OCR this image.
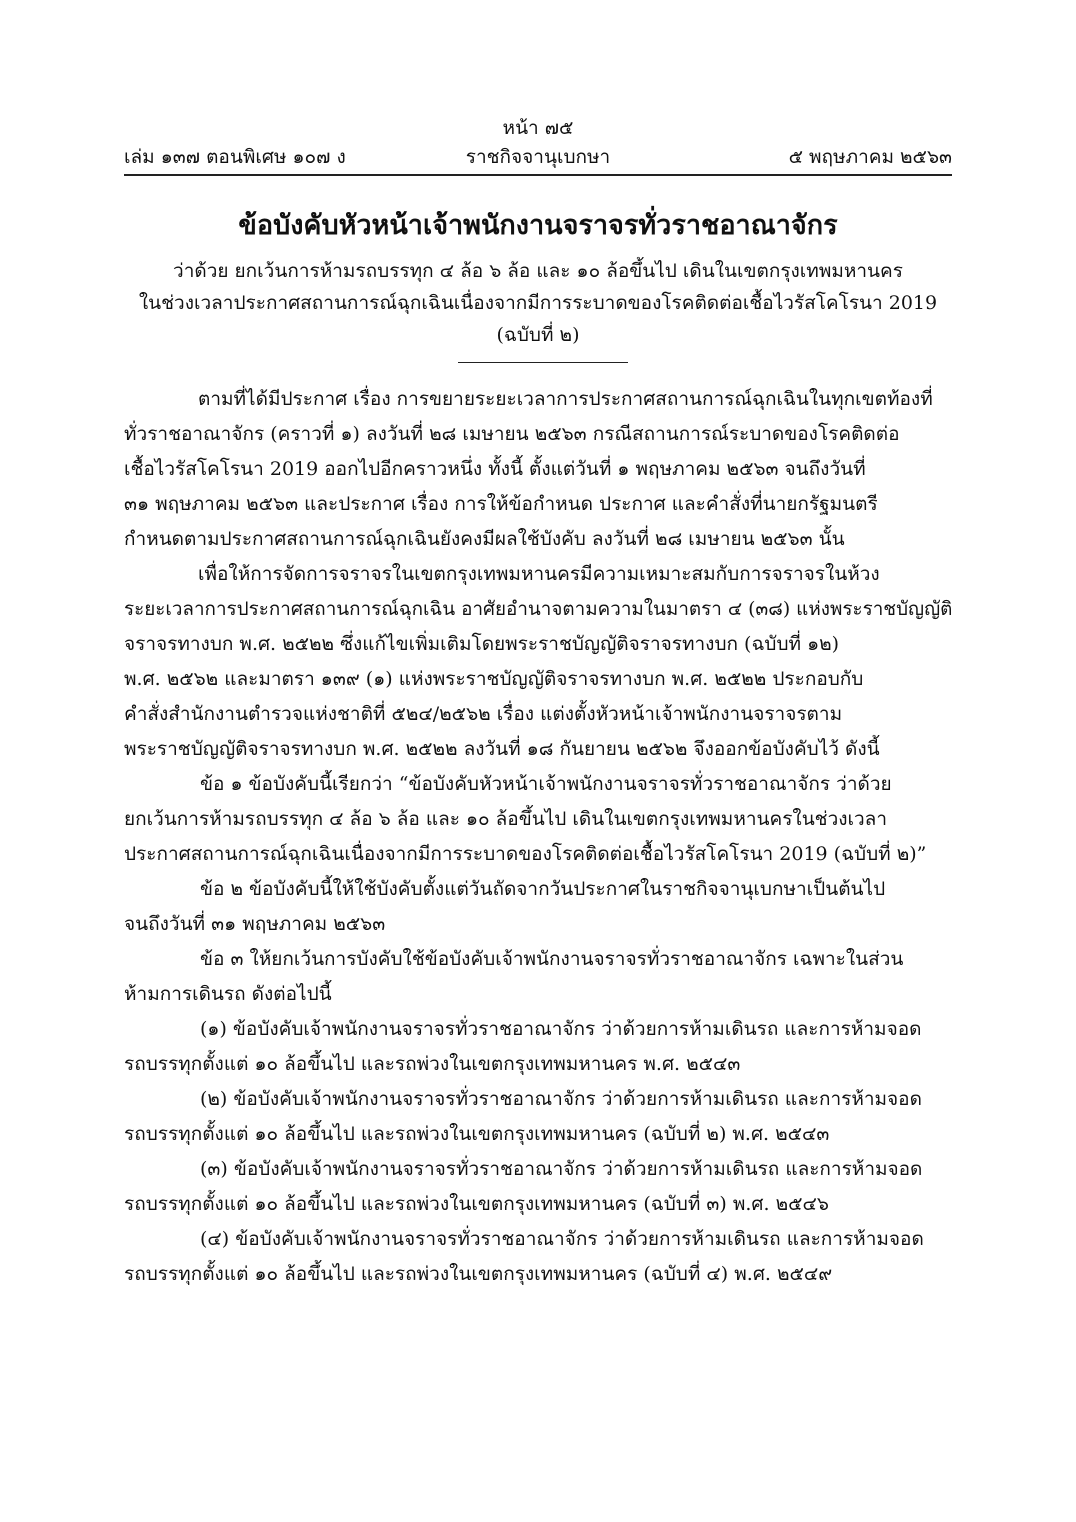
หน้า ๗๕
เล่ม ๑๓๗ ตอนพิเศษ ๑๐๗ ง	ราชกิจจานุเบกษา	๕ พฤษภาคม ๒๕๖๓
ข้อบังคับหัวหน้าเจ้าพนักงานจราจรทั่วราชอาณาจักร
ว่าด้วย ยกเว้นการห้ามรถบรรทุก ๔ ล้อ ๖ ล้อ และ ๑๐ ล้อขึ้นไป เดินในเขตกรุงเทพมหานคร
ในช่วงเวลาประกาศสถานการณ์ฉุกเฉินเนื่องจากมีการระบาดของโรคติดต่อเชื้อไวรัสโคโรนา 2019
(ฉบับที่ ๒)
ตามที่ได้มีประกาศ เรื่อง การขยายระยะเวลาการประกาศสถานการณ์ฉุกเฉินในทุกเขตท้องที่
ทั่วราชอาณาจักร (คราวที่ ๑) ลงวันที่ ๒๘ เมษายน ๒๕๖๓ กรณีสถานการณ์ระบาดของโรคติดต่อ
เชื้อไวรัสโคโรนา 2019 ออกไปอีกคราวหนึ่ง ทั้งนี้ ตั้งแต่วันที่ ๑ พฤษภาคม ๒๕๖๓ จนถึงวันที่
๓๑ พฤษภาคม ๒๕๖๓ และประกาศ เรื่อง การให้ข้อกำหนด ประกาศ และคำสั่งที่นายกรัฐมนตรี
กำหนดตามประกาศสถานการณ์ฉุกเฉินยังคงมีผลใช้บังคับ ลงวันที่ ๒๘ เมษายน ๒๕๖๓ นั้น
เพื่อให้การจัดการจราจรในเขตกรุงเทพมหานครมีความเหมาะสมกับการจราจรในห้วง
ระยะเวลาการประกาศสถานการณ์ฉุกเฉิน อาศัยอำนาจตามความในมาตรา ๔ (๓๘) แห่งพระราชบัญญัติ
จราจรทางบก พ.ศ. ๒๕๒๒ ซึ่งแก้ไขเพิ่มเติมโดยพระราชบัญญัติจราจรทางบก (ฉบับที่ ๑๒)
พ.ศ. ๒๕๖๒ และมาตรา ๑๓๙ (๑) แห่งพระราชบัญญัติจราจรทางบก พ.ศ. ๒๕๒๒ ประกอบกับ
คำสั่งสำนักงานตำรวจแห่งชาติที่ ๕๒๔/๒๕๖๒ เรื่อง แต่งตั้งหัวหน้าเจ้าพนักงานจราจรตาม
พระราชบัญญัติจราจรทางบก พ.ศ. ๒๕๒๒ ลงวันที่ ๑๘ กันยายน ๒๕๖๒ จึงออกข้อบังคับไว้ ดังนี้
ข้อ ๑ ข้อบังคับนี้เรียกว่า “ข้อบังคับหัวหน้าเจ้าพนักงานจราจรทั่วราชอาณาจักร ว่าด้วย
ยกเว้นการห้ามรถบรรทุก ๔ ล้อ ๖ ล้อ และ ๑๐ ล้อขึ้นไป เดินในเขตกรุงเทพมหานครในช่วงเวลา
ประกาศสถานการณ์ฉุกเฉินเนื่องจากมีการระบาดของโรคติดต่อเชื้อไวรัสโคโรนา 2019 (ฉบับที่ ๒)”
ข้อ ๒ ข้อบังคับนี้ให้ใช้บังคับตั้งแต่วันถัดจากวันประกาศในราชกิจจานุเบกษาเป็นต้นไป
จนถึงวันที่ ๓๑ พฤษภาคม ๒๕๖๓
ข้อ ๓ ให้ยกเว้นการบังคับใช้ข้อบังคับเจ้าพนักงานจราจรทั่วราชอาณาจักร เฉพาะในส่วน
ห้ามการเดินรถ ดังต่อไปนี้
(๑) ข้อบังคับเจ้าพนักงานจราจรทั่วราชอาณาจักร ว่าด้วยการห้ามเดินรถ และการห้ามจอด
รถบรรทุกตั้งแต่ ๑๐ ล้อขึ้นไป และรถพ่วงในเขตกรุงเทพมหานคร พ.ศ. ๒๕๔๓
(๒) ข้อบังคับเจ้าพนักงานจราจรทั่วราชอาณาจักร ว่าด้วยการห้ามเดินรถ และการห้ามจอด
รถบรรทุกตั้งแต่ ๑๐ ล้อขึ้นไป และรถพ่วงในเขตกรุงเทพมหานคร (ฉบับที่ ๒) พ.ศ. ๒๕๔๓
(๓) ข้อบังคับเจ้าพนักงานจราจรทั่วราชอาณาจักร ว่าด้วยการห้ามเดินรถ และการห้ามจอด
รถบรรทุกตั้งแต่ ๑๐ ล้อขึ้นไป และรถพ่วงในเขตกรุงเทพมหานคร (ฉบับที่ ๓) พ.ศ. ๒๕๔๖
(๔) ข้อบังคับเจ้าพนักงานจราจรทั่วราชอาณาจักร ว่าด้วยการห้ามเดินรถ และการห้ามจอด
รถบรรทุกตั้งแต่ ๑๐ ล้อขึ้นไป และรถพ่วงในเขตกรุงเทพมหานคร (ฉบับที่ ๔) พ.ศ. ๒๕๔๙
